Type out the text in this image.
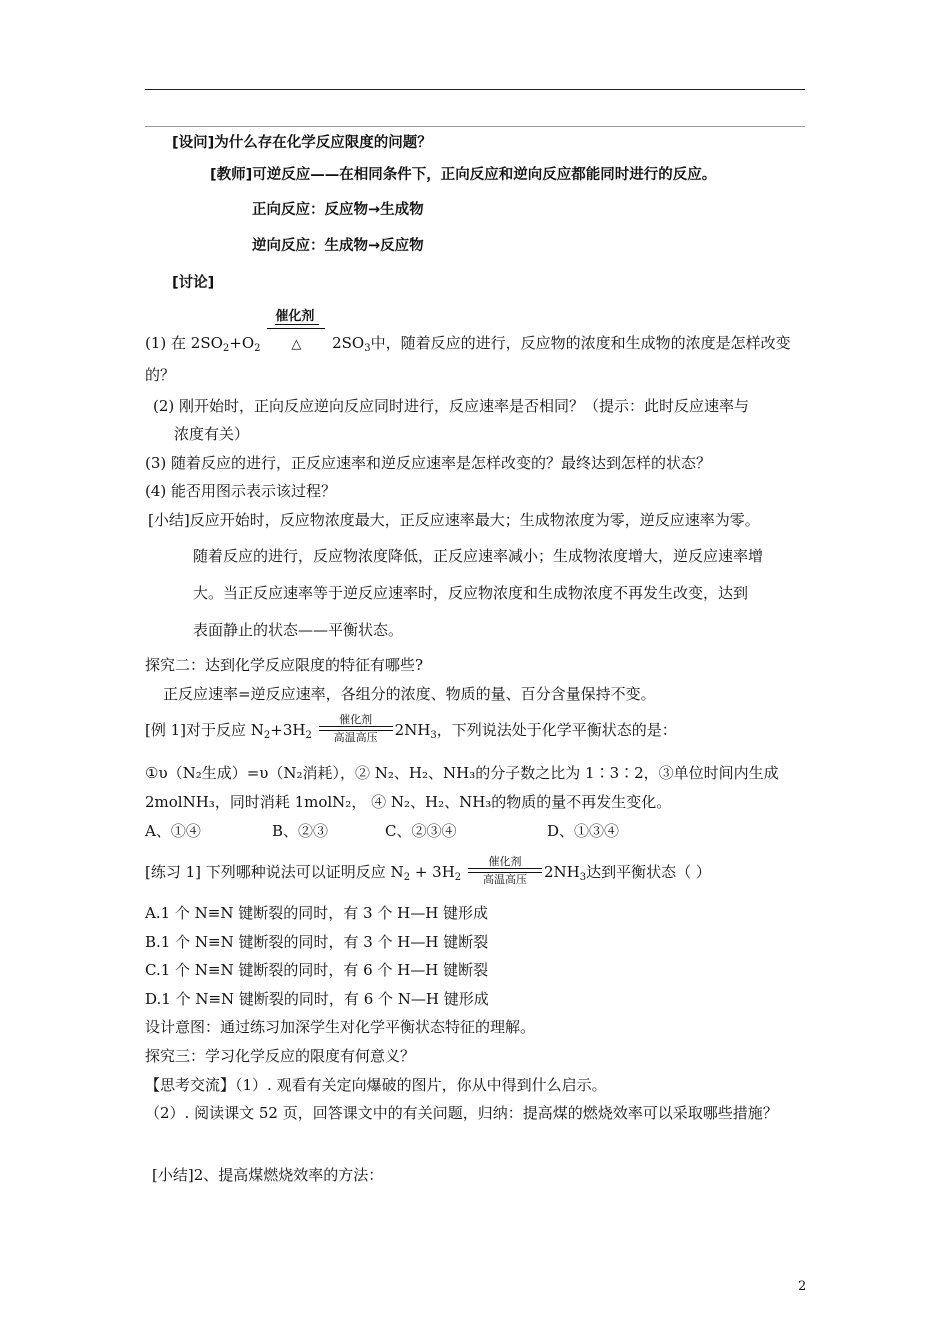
[设问]为什么存在化学反应限度的问题？
[教师]可逆反应——在相同条件下，正向反应和逆向反应都能同时进行的反应。
正向反应：反应物→生成物
逆向反应：生成物→反应物
[讨论]
(1) 在 $2SO_2+O_2$
催化剂
△ $2SO_3$中，随着反应的进行，反应物的浓度和生成物的浓度是怎样改变
的？
(2) 刚开始时，正向反应逆向反应同时进行，反应速率是否相同？（提示：此时反应速率与
浓度有关）
(3) 随着反应的进行，正反应速率和逆反应速率是怎样改变的？最终达到怎样的状态？
(4) 能否用图示表示该过程？
[小结]反应开始时，反应物浓度最大，正反应速率最大；生成物浓度为零，逆反应速率为零。
随着反应的进行，反应物浓度降低，正反应速率减小；生成物浓度增大，逆反应速率增
大。当正反应速率等于逆反应速率时，反应物浓度和生成物浓度不再发生改变，达到
表面静止的状态——平衡状态。
探究二：达到化学反应限度的特征有哪些?
正反应速率=逆反应速率，各组分的浓度、物质的量、百分含量保持不变。
[例 1]对于反应 $N_2+3H_2$
催化剂
高温高压	$2NH_3$，下列说法处于化学平衡状态的是：
①υ（N₂生成）=υ（N₂消耗），② N₂、H₂、NH₃的分子数之比为 1∶3∶2，③单位时间内生成
2molNH₃，同时消耗 1molN₂， ④ N₂、H₂、NH₃的物质的量不再发生变化。
A、①④	B、②③	C、②③④	D、①③④
[练习 1] 下列哪种说法可以证明反应 $N_2 + 3H_2$
催化剂
高温高压	$2NH_3$达到平衡状态（ ）
A.1 个 N≡N 键断裂的同时，有 3 个 H—H 键形成
B.1 个 N≡N 键断裂的同时，有 3 个 H—H 键断裂
C.1 个 N≡N 键断裂的同时，有 6 个 H—H 键断裂
D.1 个 N≡N 键断裂的同时，有 6 个 N—H 键形成
设计意图：通过练习加深学生对化学平衡状态特征的理解。
探究三：学习化学反应的限度有何意义？
【思考交流】（1）. 观看有关定向爆破的图片，你从中得到什么启示。
（2）. 阅读课文 52 页，回答课文中的有关问题，归纳：提高煤的燃烧效率可以采取哪些措施？
[小结]2、提高煤燃烧效率的方法：
2
